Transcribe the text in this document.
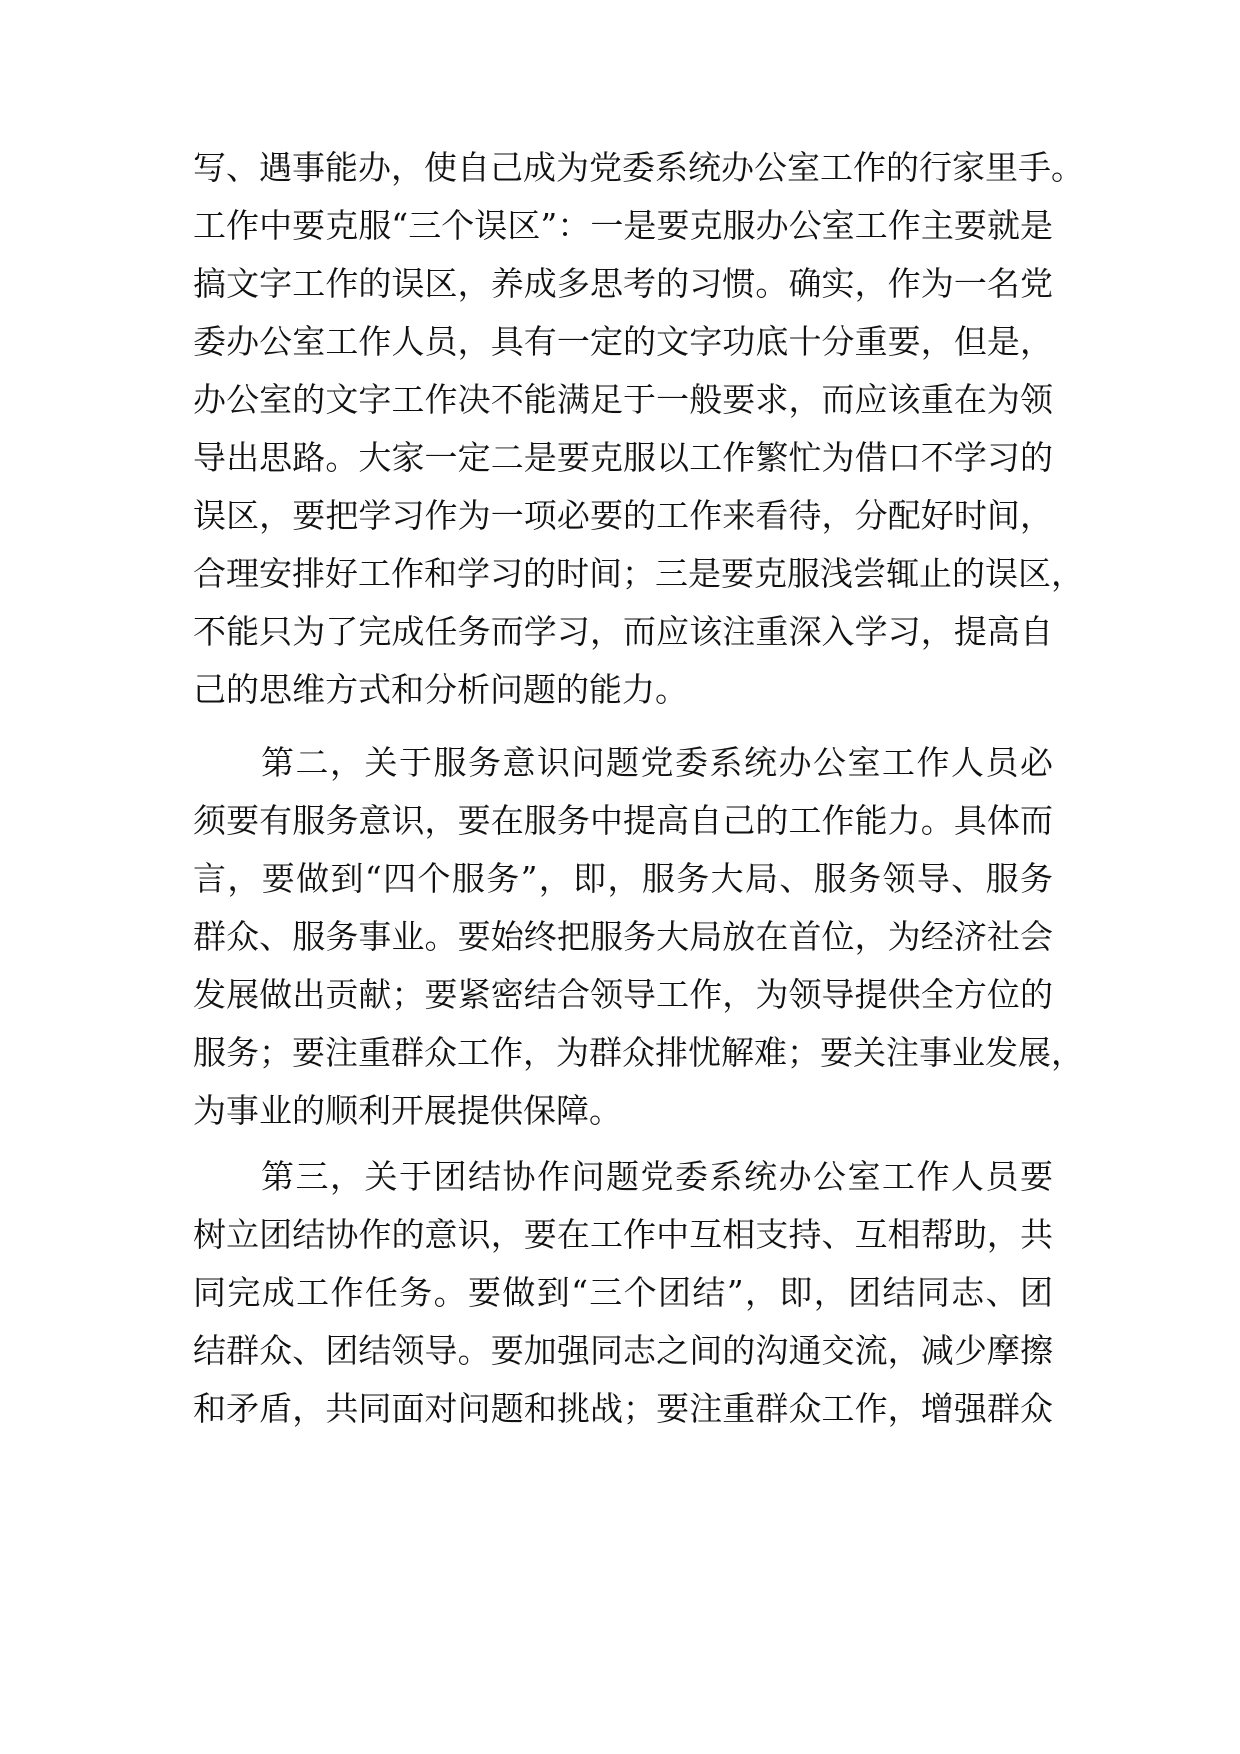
写、遇事能办，使自己成为党委系统办公室工作的行家里手。
工作中要克服“三个误区”：一是要克服办公室工作主要就是
搞文字工作的误区，养成多思考的习惯。确实，作为一名党
委办公室工作人员，具有一定的文字功底十分重要，但是，
办公室的文字工作决不能满足于一般要求，而应该重在为领
导出思路。大家一定二是要克服以工作繁忙为借口不学习的
误区，要把学习作为一项必要的工作来看待，分配好时间，
合理安排好工作和学习的时间；三是要克服浅尝辄止的误区，
不能只为了完成任务而学习，而应该注重深入学习，提高自
己的思维方式和分析问题的能力。

第二，关于服务意识问题党委系统办公室工作人员必
须要有服务意识，要在服务中提高自己的工作能力。具体而
言，要做到“四个服务”，即，服务大局、服务领导、服务
群众、服务事业。要始终把服务大局放在首位，为经济社会
发展做出贡献；要紧密结合领导工作，为领导提供全方位的
服务；要注重群众工作，为群众排忧解难；要关注事业发展，
为事业的顺利开展提供保障。

第三，关于团结协作问题党委系统办公室工作人员要
树立团结协作的意识，要在工作中互相支持、互相帮助，共
同完成工作任务。要做到“三个团结”，即，团结同志、团
结群众、团结领导。要加强同志之间的沟通交流，减少摩擦
和矛盾，共同面对问题和挑战；要注重群众工作，增强群众
